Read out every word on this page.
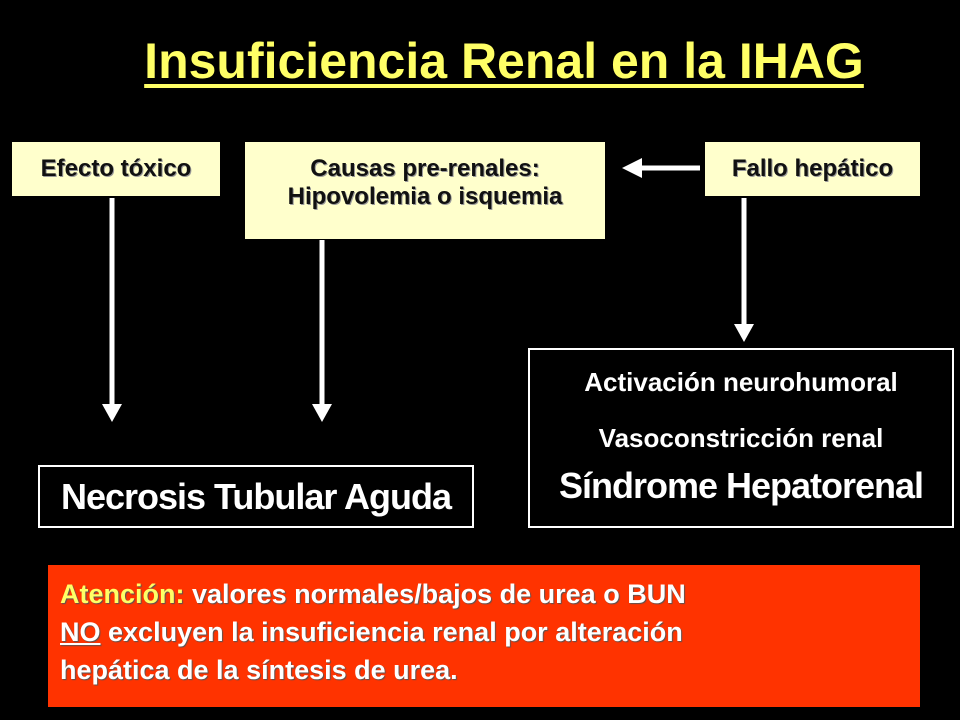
Insuficiencia Renal en la IHAG
Efecto tóxico	Causas pre-renales:
Hipovolemia o isquemia
Fallo hepático
Necrosis Tubular Aguda
Activación neurohumoral
Vasoconstricción renal
Síndrome Hepatorenal
Atención: valores normales/bajos de urea o BUN
NO excluyen la insuficiencia renal por alteración
hepática de la síntesis de urea.
